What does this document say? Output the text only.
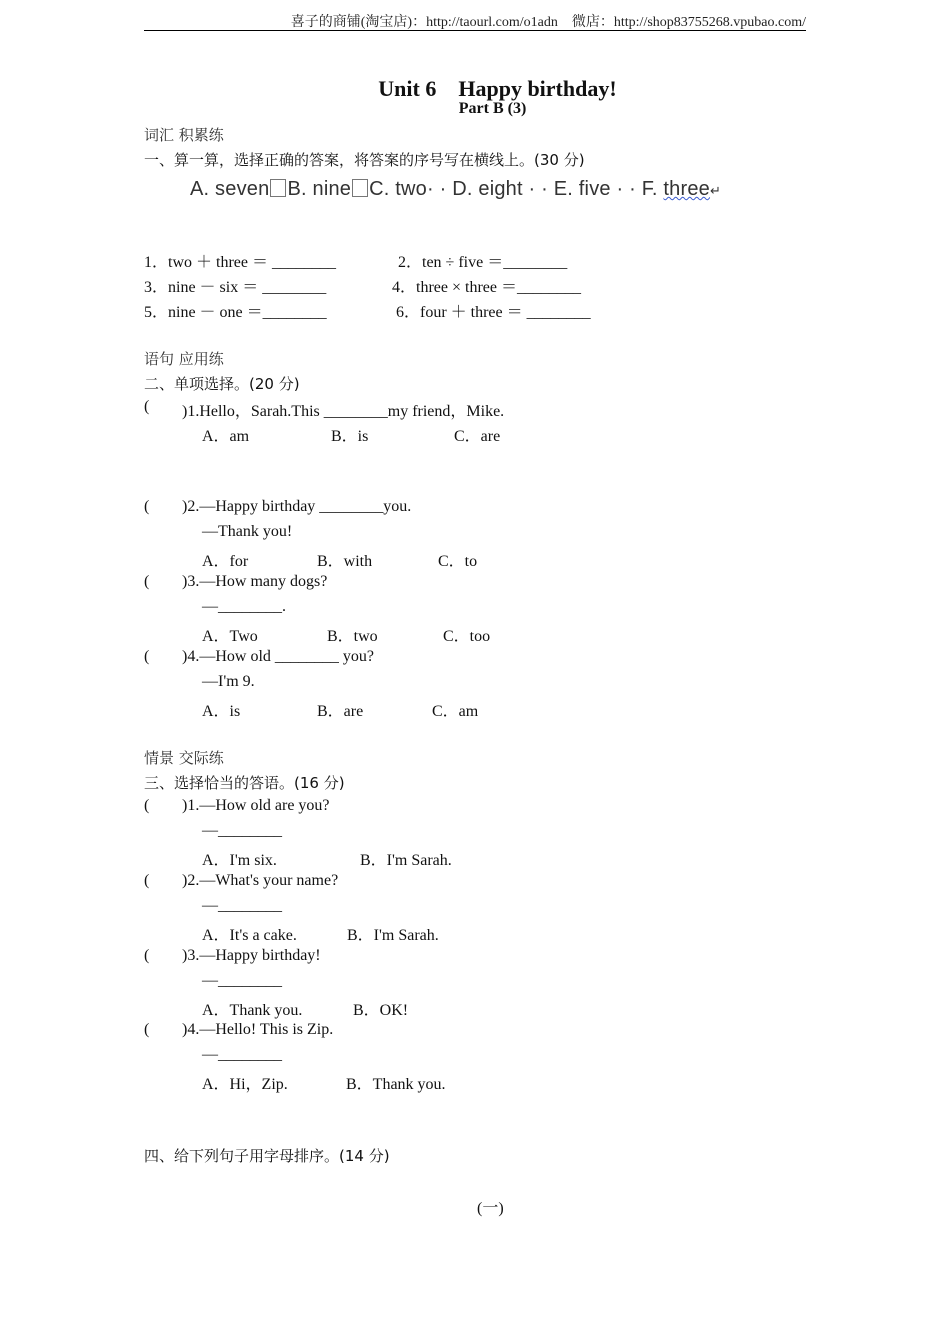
喜子的商铺(淘宝店)：http://taourl.com/o1adn　微店：http://shop83755268.vpubao.com/
Unit 6　Happy birthday!
Part B (3)
词汇 积累练
一、算一算，选择正确的答案，将答案的序号写在横线上。(30 分)
A. seven B. nine C. two· · D. eight · · E. five · · F. three↵
1．two ＋ three ＝ ________	2．ten ÷ five ＝________
3．nine － six ＝ ________	4．three × three ＝________
5．nine － one ＝________	6．four ＋ three ＝ ________
语句 应用练
二、单项选择。(20 分)
( )1.Hello，Sarah.This ________my friend，Mike.
A．am	B．is	C．are
( )2.—Happy birthday ________you.
—Thank you!
A．for	B．with	C．to
( )3.—How many dogs?
—________.
A．Two	B．two	C．too
( )4.—How old ________ you?
—I'm 9.
A．is	B．are	C．am
情景 交际练
三、选择恰当的答语。(16 分)
( )1.—How old are you?
—________
A．I'm six.	B．I'm Sarah.
( )2.—What's your name?
—________
A．It's a cake.	B．I'm Sarah.
( )3.—Happy birthday!
—________
A．Thank you.	B．OK!
( )4.—Hello! This is Zip.
—________
A．Hi，Zip.	B．Thank you.
四、给下列句子用字母排序。(14 分)
(一)
